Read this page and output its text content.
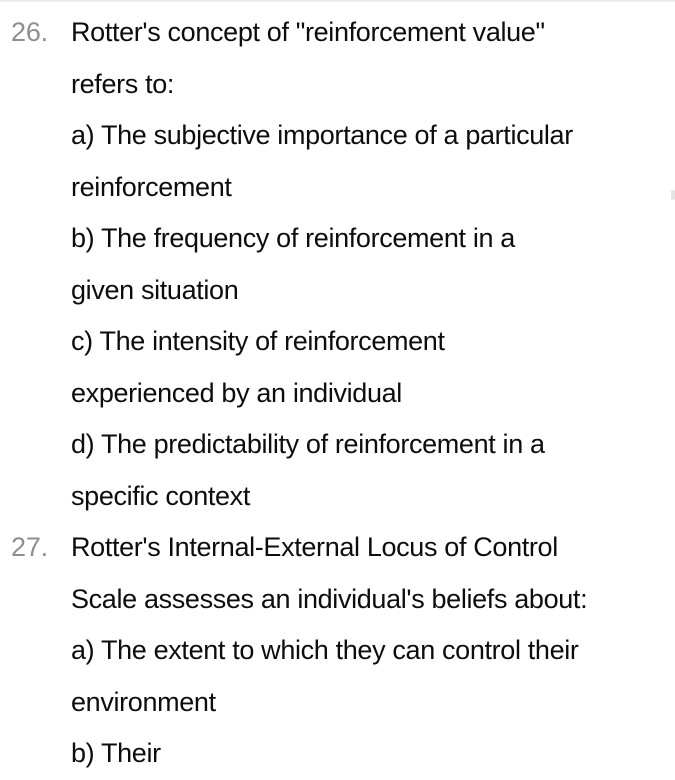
26. Rotter's concept of "reinforcement value"
refers to:
a) The subjective importance of a particular
reinforcement
b) The frequency of reinforcement in a
given situation
c) The intensity of reinforcement
experienced by an individual
d) The predictability of reinforcement in a
specific context
27. Rotter's Internal-External Locus of Control
Scale assesses an individual's beliefs about:
a) The extent to which they can control their
environment
b) Their
